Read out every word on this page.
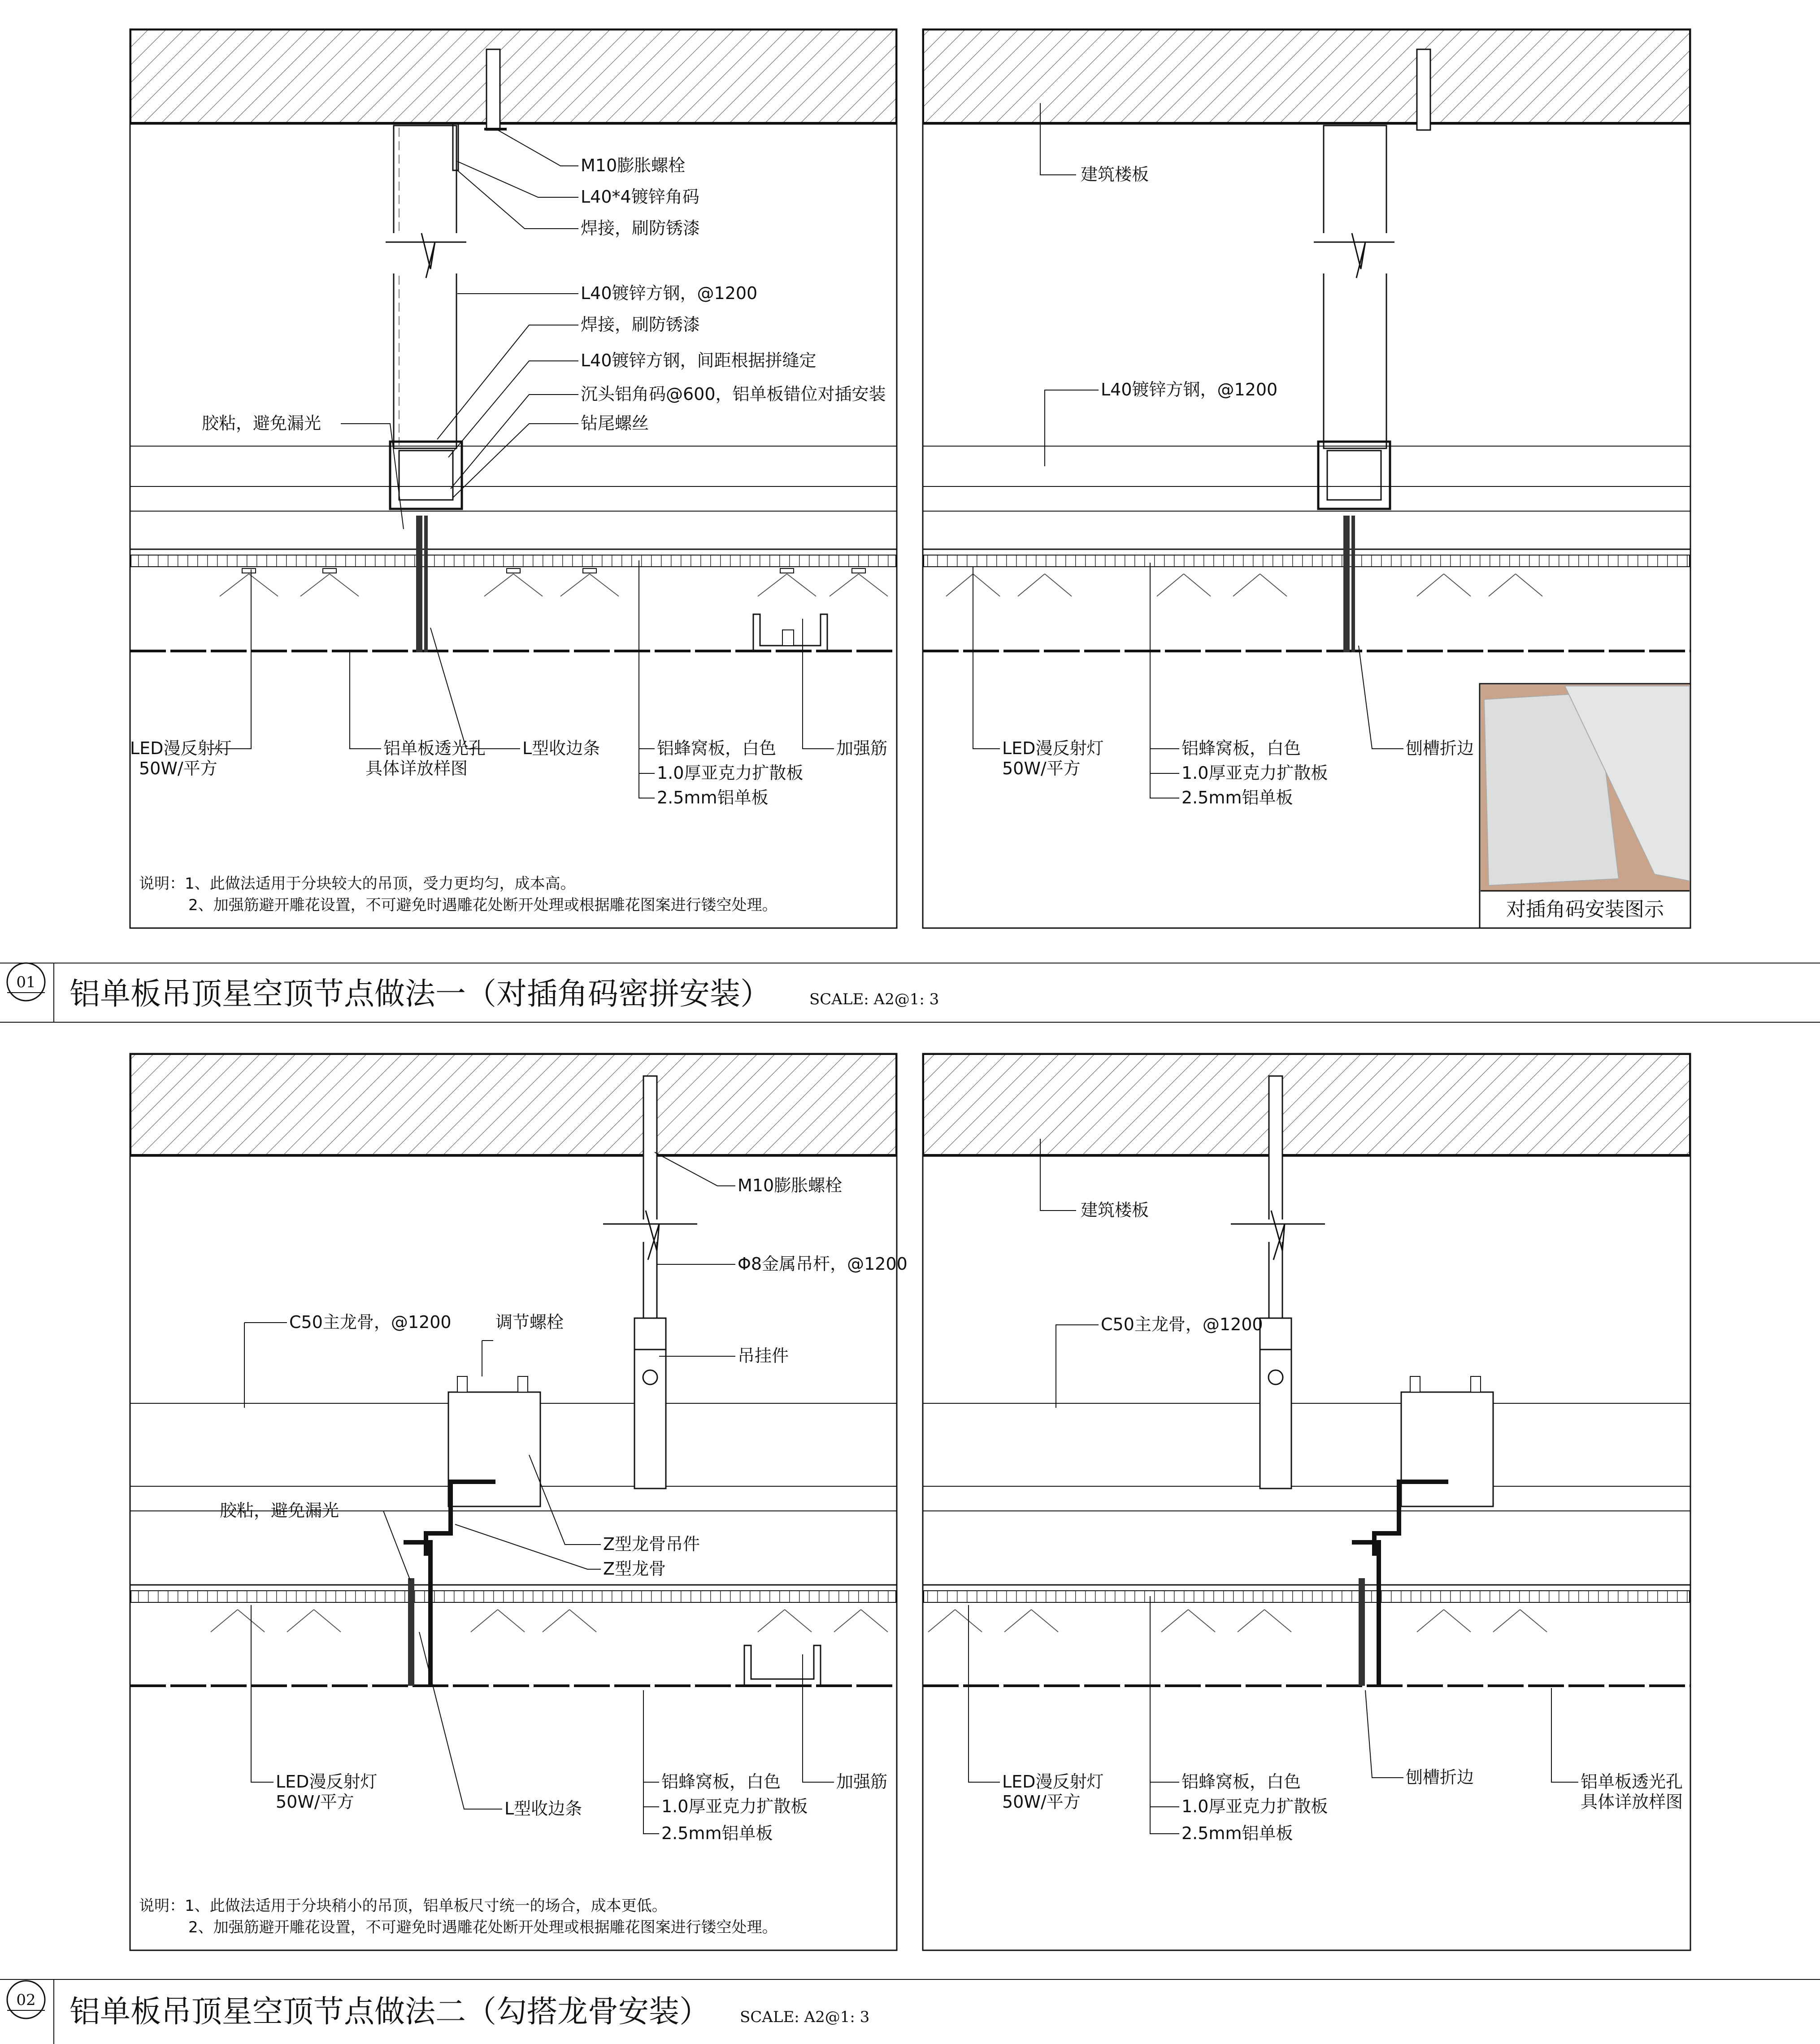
M10膨胀螺栓
L40*4镀锌角码
焊接，刷防锈漆
L40镀锌方钢，@1200
焊接，刷防锈漆
L40镀锌方钢，间距根据拼缝定
沉头铝角码@600，铝单板错位对插安装
钻尾螺丝
胶粘，避免漏光
LED漫反射灯
50W/平方
铝单板透光孔
具体详放样图
L型收边条	铝蜂窝板，白色
1.0厚亚克力扩散板
2.5mm铝单板
加强筋
说明：1、此做法适用于分块较大的吊顶，受力更均匀，成本高。
2、加强筋避开雕花设置，不可避免时遇雕花处断开处理或根据雕花图案进行镂空处理。
建筑楼板
L40镀锌方钢，@1200
LED漫反射灯
50W/平方
铝蜂窝板，白色
1.0厚亚克力扩散板
2.5mm铝单板
刨槽折边
对插角码安装图示
01 铝单板吊顶星空顶节点做法一（对插角码密拼安装）	SCALE: A2@1: 3
M10膨胀螺栓
Φ8金属吊杆，@1200
C50主龙骨，@1200	调节螺栓
吊挂件
胶粘，避免漏光
Z型龙骨吊件
Z型龙骨
LED漫反射灯
50W/平方	L型收边条
铝蜂窝板，白色
1.0厚亚克力扩散板
2.5mm铝单板
加强筋
说明：1、此做法适用于分块稍小的吊顶，铝单板尺寸统一的场合，成本更低。
2、加强筋避开雕花设置，不可避免时遇雕花处断开处理或根据雕花图案进行镂空处理。
建筑楼板
C50主龙骨，@1200
LED漫反射灯
50W/平方
铝蜂窝板，白色
1.0厚亚克力扩散板
2.5mm铝单板
刨槽折边	铝单板透光孔
具体详放样图
02 铝单板吊顶星空顶节点做法二（勾搭龙骨安装） SCALE: A2@1: 3
